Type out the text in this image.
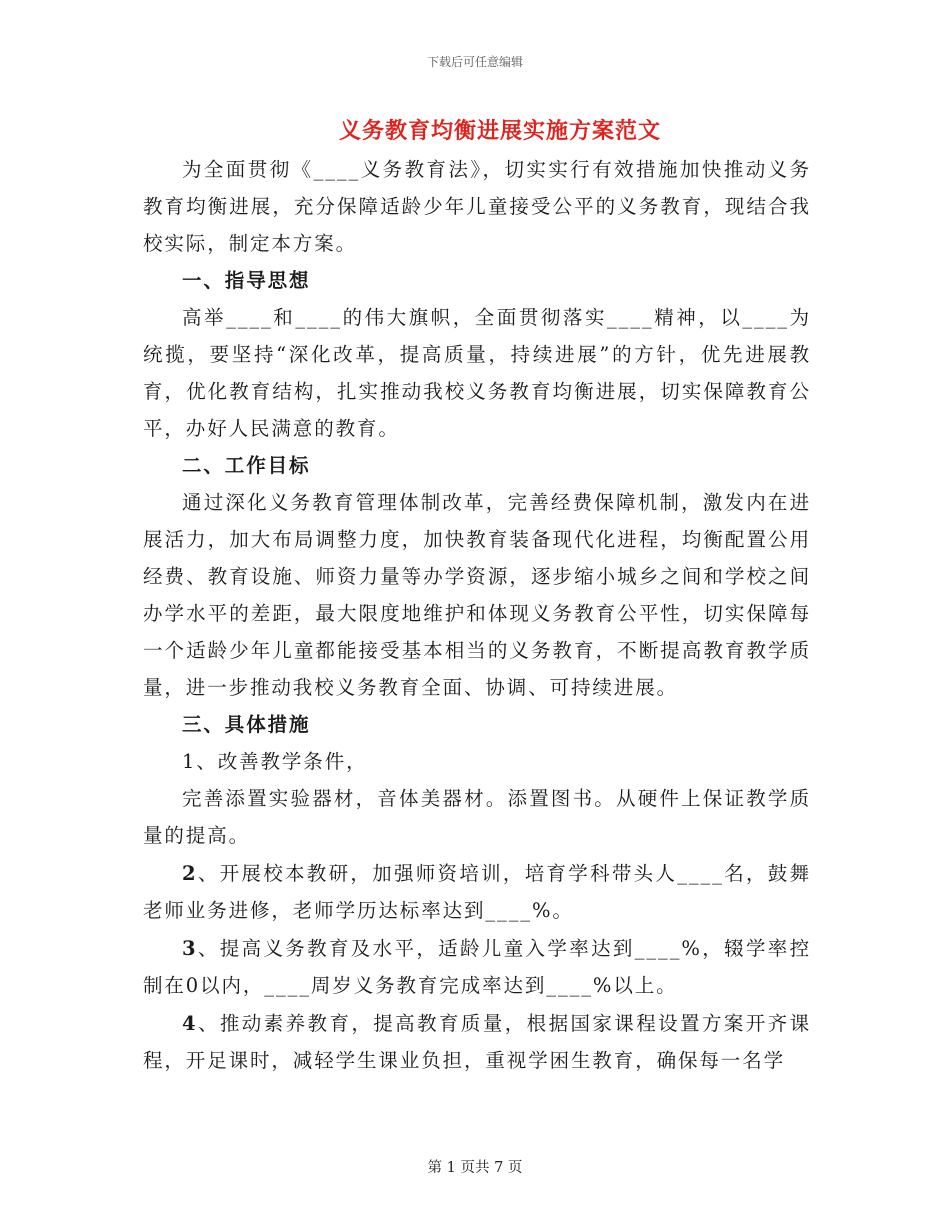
下载后可任意编辑
义务教育均衡进展实施方案范文

为全面贯彻《____义务教育法》，切实实行有效措施加快推动义务教育均衡进展，充分保障适龄少年儿童接受公平的义务教育，现结合我校实际，制定本方案。

一、指导思想

高举____和____的伟大旗帜，全面贯彻落实____精神，以____为统揽，要坚持“深化改革，提高质量，持续进展”的方针，优先进展教育，优化教育结构，扎实推动我校义务教育均衡进展，切实保障教育公平，办好人民满意的教育。

二、工作目标

通过深化义务教育管理体制改革，完善经费保障机制，激发内在进展活力，加大布局调整力度，加快教育装备现代化进程，均衡配置公用经费、教育设施、师资力量等办学资源，逐步缩小城乡之间和学校之间办学水平的差距，最大限度地维护和体现义务教育公平性，切实保障每一个适龄少年儿童都能接受基本相当的义务教育，不断提高教育教学质量，进一步推动我校义务教育全面、协调、可持续进展。

三、具体措施

1、改善教学条件，

完善添置实验器材，音体美器材。添置图书。从硬件上保证教学质量的提高。

2、开展校本教研，加强师资培训，培育学科带头人____名，鼓舞老师业务进修，老师学历达标率达到____%。

3、提高义务教育及水平，适龄儿童入学率达到____%，辍学率控制在0以内，____周岁义务教育完成率达到____%以上。

4、推动素养教育，提高教育质量，根据国家课程设置方案开齐课程，开足课时，减轻学生课业负担，重视学困生教育，确保每一名学

第 1 页共 7 页
